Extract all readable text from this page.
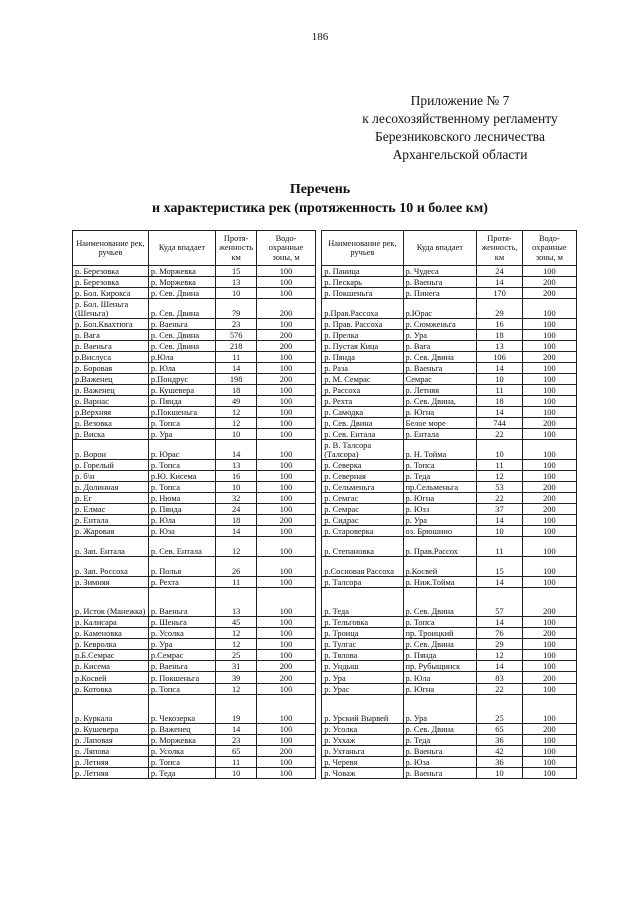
186
Приложение № 7
к лесохозяйственному регламенту
Березниковского лесничества
Архангельской области
Перечень
и характеристика рек (протяженность 10 и более км)
Наименование рек, ручьев	Куда впадает	Протя-женность км	Водо-охранные зоны, м		Наименование рек, ручьев	Куда впадает	Протя-женность, км	Водо-охранные зоны, м
р. Березовка	р. Моржевка	15	100		р. Паница	р. Чудеса	24	100
р. Березовка	р. Моржевка	13	100		р. Пескарь	р. Ваеньга	14	200
р. Бол. Кирокса	р. Сев. Двина	10	100		р. Покшеньга	р. Пинега	170	200
р. Бол. Шеньга (Шеньга)	р. Сев. Двина	79	200		р.Прав.Рассоха	р.Юрас	29	100
р. Бол.Квахтюга	р. Ваеньга	23	100		р. Прав. Рассоха	р. Сюмженьга	16	100
р. Вага	р. Сев. Двина	576	200		р. Прелка	р. Ура	18	100
р. Ваеньга	р. Сев. Двина	218	200		р. Пустая Кица	р. Вага	13	100
р.Вислуса	р.Юла	11	100		р. Пянда	р. Сев. Двина	106	200
р. Боровая	р. Юла	14	100		р. Раза	р. Ваеньга	14	100
р.Важенец	р.Пондрус	198	200		р. М. Семрас	Семрас	10	100
р. Важенец	р. Кушевера	18	100		р. Рассоха	р. Летняя	11	100
р. Варнас	р. Пянда	49	100		р. Рехта	р. Сев. Двина,	18	100
р.Верхняя	р.Покшеньга	12	100		р. Самодка	р. Югна	14	100
р. Везовка	р. Топса	12	100		р. Сев. Двина	Белое море	744	200
р. Виска	р. Ура	10	100		р. Сев. Ентала	р. Ентала	22	100
р. Ворон	р. Юрас	14	100		р. В. Талсора (Талсора)	р. Н. Тойма	10	100
р. Горелый	р. Топса	13	100		р. Северка	р. Топса	11	100
р. б\н	р.Ю. Кисема	16	100		р. Северная	р. Теда	12	100
р. Долинная	р. Топса	10	100		р. Сельменьга	пр.Сельменьга	53	200
р. Ег	р. Нюма	32	100		р. Семгас	р. Югна	22	200
р. Елмас	р. Пянда	24	100		р. Семрас	р. Юзз	37	200
р. Ентала	р. Юла	18	200		р. Сидрас	р. Ура	14	100
р. Жаровая	р. Юза	14	100		р. Староверка	оз. Брюшино	10	100
р. Зап. Ентала	р. Сев. Ентала	12	100		р. Степановка	р. Прав.Рассох	11	100
р. Зап. Россоха	р. Полья	26	100		р.Сосновая Рассоха	р.Косвей	15	100
р. Зимняя	р. Рехта	11	100		р. Талсора	р. Ниж.Тойма	14	100
р. Исток (Манежка)	р. Ваеньга	13	100		р. Теда	р. Сев. Двина	57	200
р. Калисара	р. Шеньга	45	100		р. Тельговка	р. Топса	14	100
р. Каменовка	р. Усолка	12	100		р. Троица	пр. Троицкий	76	200
р. Кевролка	р. Ура	12	100		р. Тулгас	р. Сев. Двина	29	100
р.Б.Семрас	р.Семрас	25	100		р. Тялова	р. Пянда	12	100
р. Кисема	р. Ваеньга	31	200		р. Ундыш	пр. Рубыщинск	14	100
р.Косвей	р. Покшеньга	39	200		р. Ура	р. Юла	83	200
р. Котовка	р. Топса	12	100		р. Урас	р. Югна	22	100
р. Куркала	р. Чекозерка	19	100		р. Урский Вырвей	р. Ура	25	100
р. Кушевера	р. Важенец	14	100		р. Усолка	р. Сев. Двина	65	200
р. Лаповая	р. Моржевка	23	100		р. Уххаж	р. Теда	36	100
р. Ляпова	р. Усолка	65	200		р. Ухтаньга	р. Ваеньга	42	100
р. Летняя	р. Топса	11	100		р. Черевя	р. Юза	36	100
р. Летняя	р. Теда	10	100		р. Човаж	р. Ваеньга	10	100
